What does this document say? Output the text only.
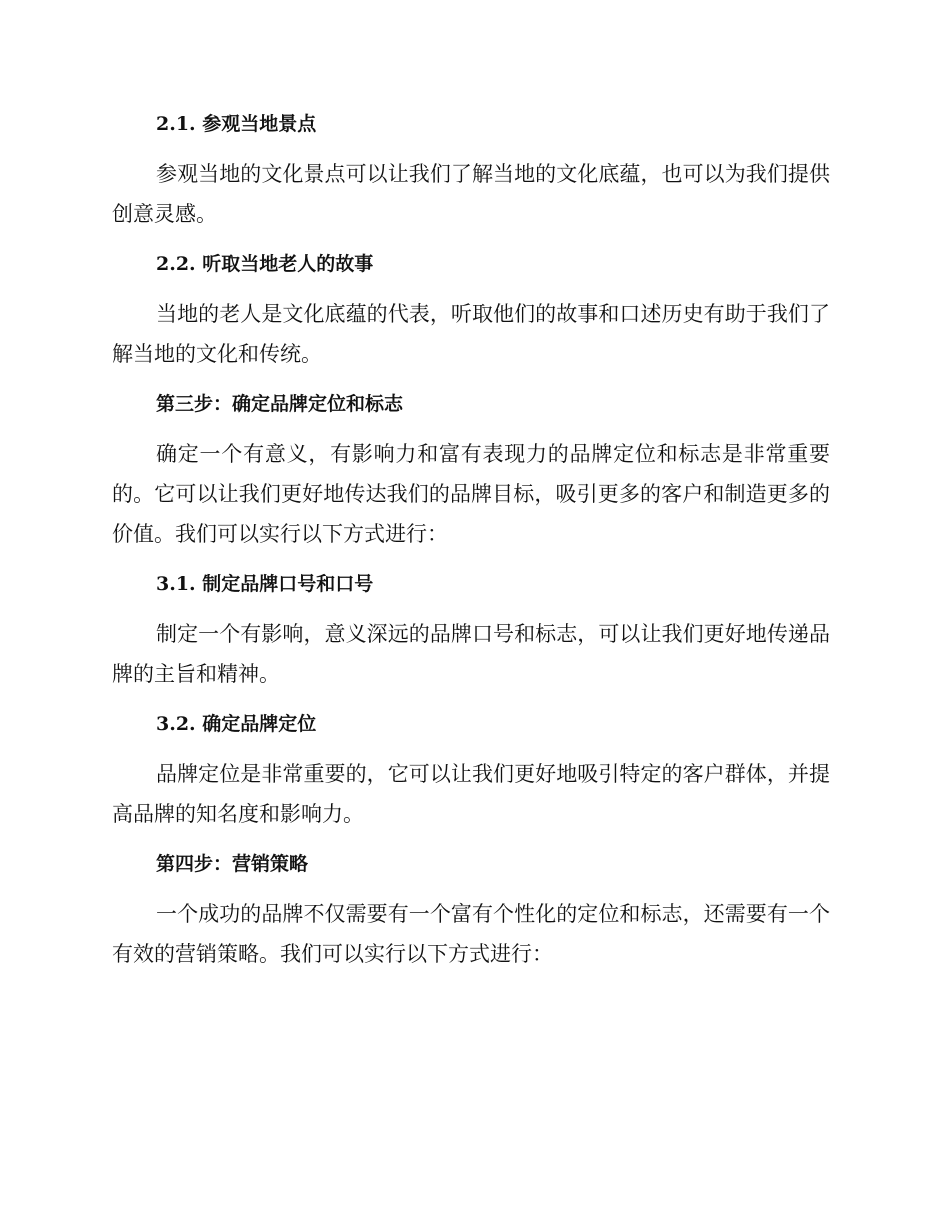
2.1. 参观当地景点
参观当地的文化景点可以让我们了解当地的文化底蕴，也可以为我们提供创意灵感。
2.2. 听取当地老人的故事
当地的老人是文化底蕴的代表，听取他们的故事和口述历史有助于我们了解当地的文化和传统。
第三步：确定品牌定位和标志
确定一个有意义，有影响力和富有表现力的品牌定位和标志是非常重要的。它可以让我们更好地传达我们的品牌目标，吸引更多的客户和制造更多的价值。我们可以实行以下方式进行：
3.1. 制定品牌口号和口号
制定一个有影响，意义深远的品牌口号和标志，可以让我们更好地传递品牌的主旨和精神。
3.2. 确定品牌定位
品牌定位是非常重要的，它可以让我们更好地吸引特定的客户群体，并提高品牌的知名度和影响力。
第四步：营销策略
一个成功的品牌不仅需要有一个富有个性化的定位和标志，还需要有一个有效的营销策略。我们可以实行以下方式进行：
